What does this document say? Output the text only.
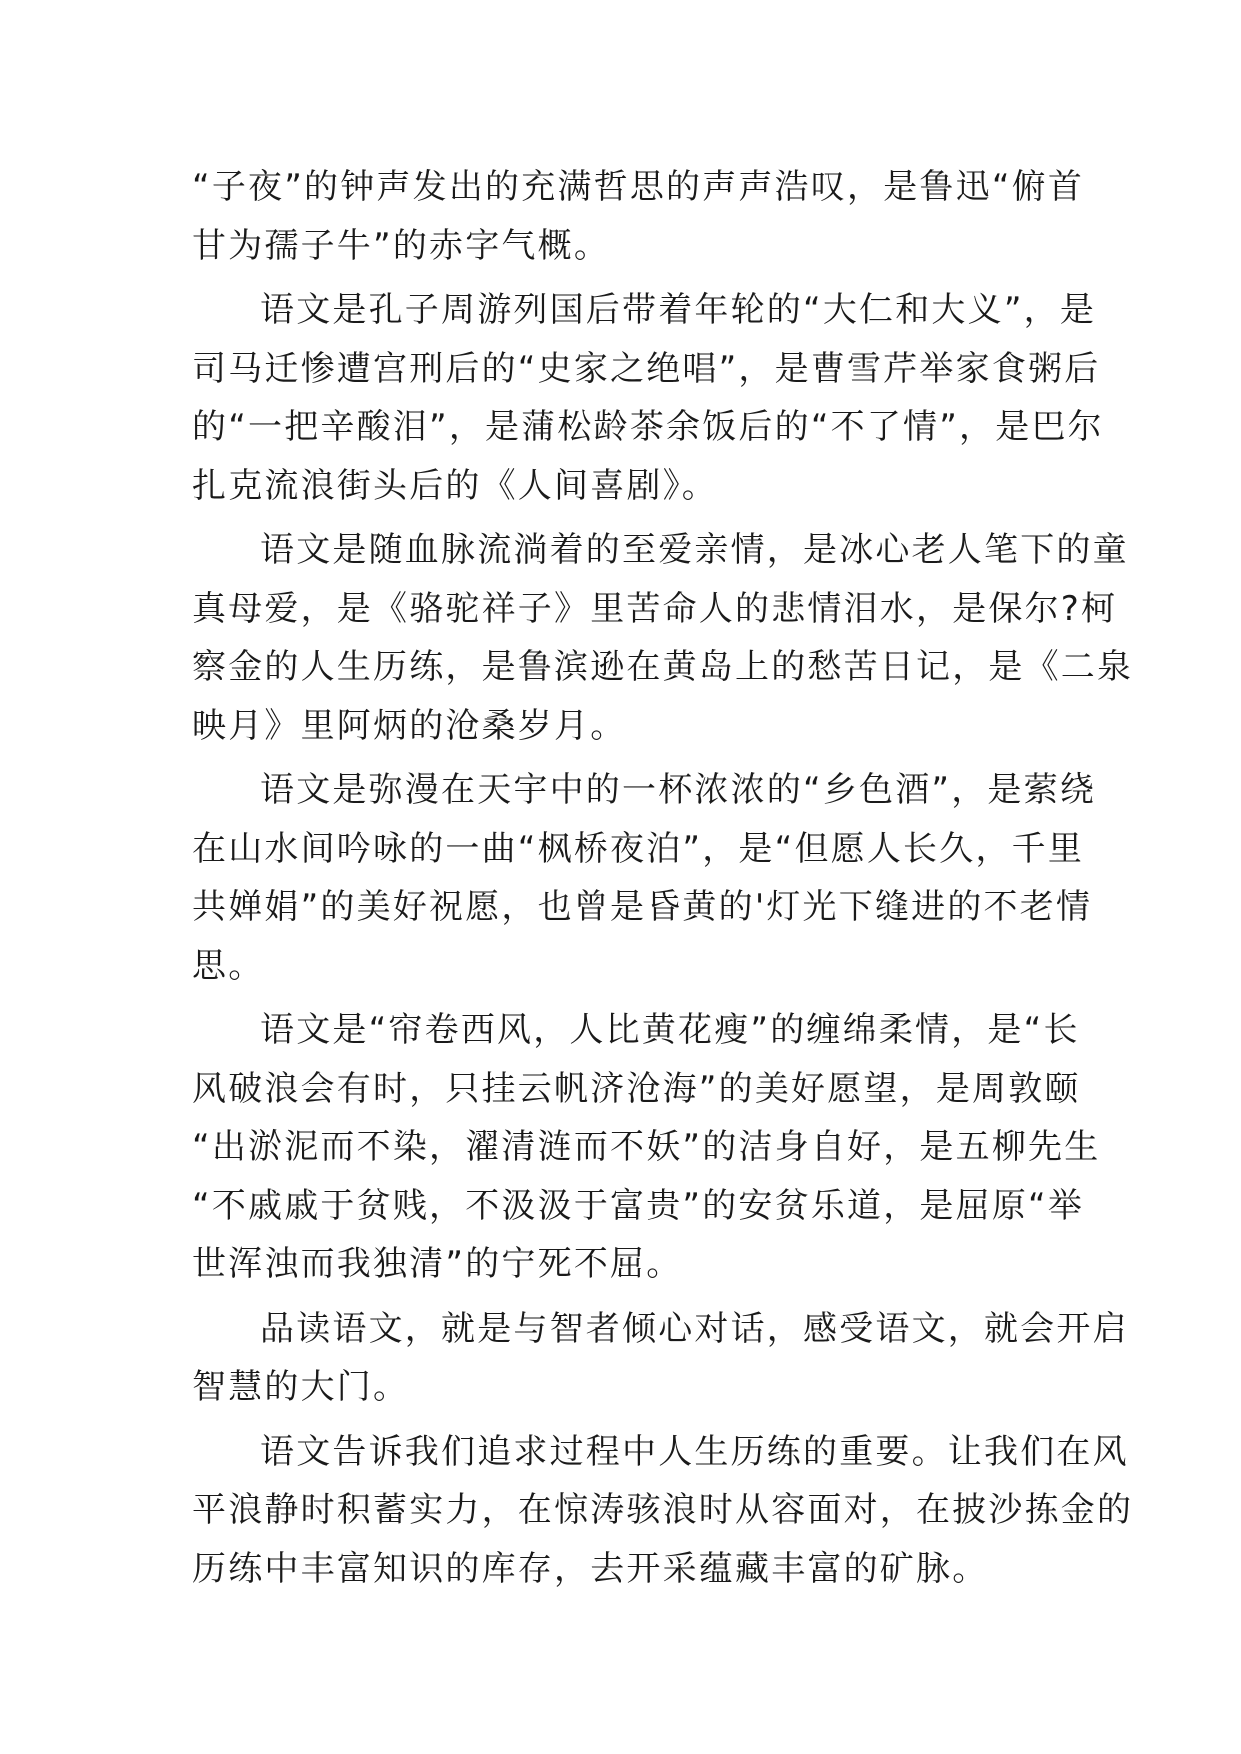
“子夜”的钟声发出的充满哲思的声声浩叹，是鲁迅“俯首
甘为孺子牛”的赤字气概。
语文是孔子周游列国后带着年轮的“大仁和大义”，是
司马迁惨遭宫刑后的“史家之绝唱”，是曹雪芹举家食粥后
的“一把辛酸泪”，是蒲松龄茶余饭后的“不了情”，是巴尔
扎克流浪街头后的《人间喜剧》。
语文是随血脉流淌着的至爱亲情，是冰心老人笔下的童
真母爱，是《骆驼祥子》里苦命人的悲情泪水，是保尔?柯
察金的人生历练，是鲁滨逊在黄岛上的愁苦日记，是《二泉
映月》里阿炳的沧桑岁月。
语文是弥漫在天宇中的一杯浓浓的“乡色酒”，是萦绕
在山水间吟咏的一曲“枫桥夜泊”，是“但愿人长久，千里
共婵娟”的美好祝愿，也曾是昏黄的'灯光下缝进的不老情
思。
语文是“帘卷西风，人比黄花瘦”的缠绵柔情，是“长
风破浪会有时，只挂云帆济沧海”的美好愿望，是周敦颐
“出淤泥而不染，濯清涟而不妖”的洁身自好，是五柳先生
“不戚戚于贫贱，不汲汲于富贵”的安贫乐道，是屈原“举
世浑浊而我独清”的宁死不屈。
品读语文，就是与智者倾心对话，感受语文，就会开启
智慧的大门。
语文告诉我们追求过程中人生历练的重要。让我们在风
平浪静时积蓄实力，在惊涛骇浪时从容面对，在披沙拣金的
历练中丰富知识的库存，去开采蕴藏丰富的矿脉。
